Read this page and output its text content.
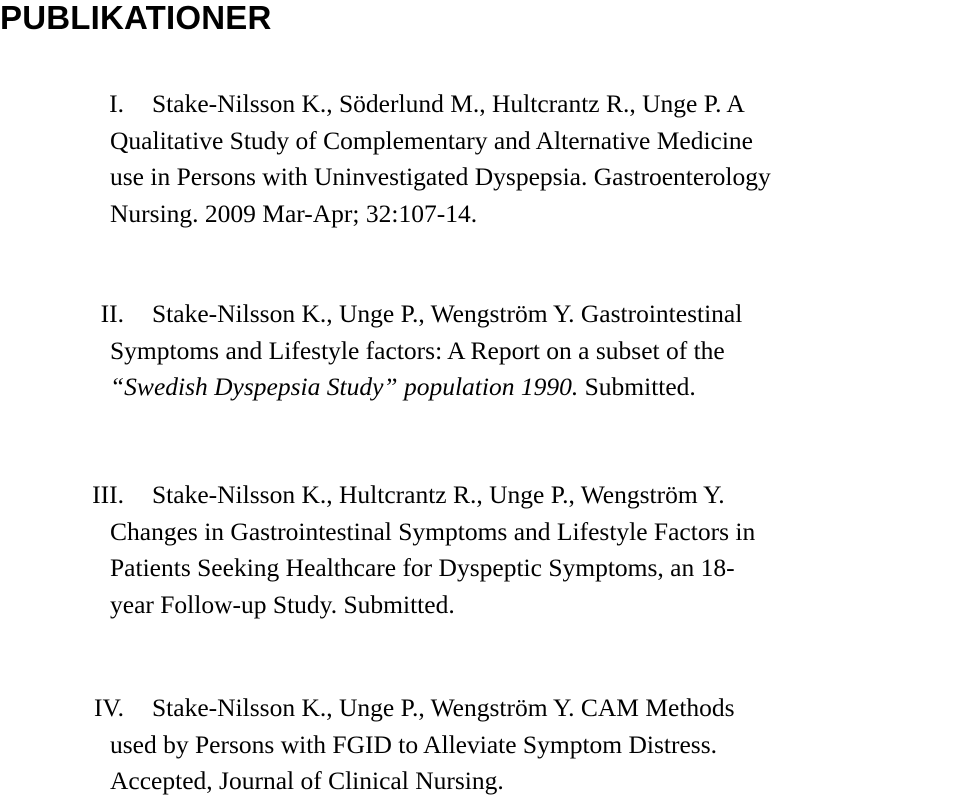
PUBLIKATIONER
I. Stake-Nilsson K., Söderlund M., Hultcrantz R., Unge P. A
Qualitative Study of Complementary and Alternative Medicine
use in Persons with Uninvestigated Dyspepsia. Gastroenterology
Nursing. 2009 Mar-Apr; 32:107-14.
II. Stake-Nilsson K., Unge P., Wengström Y. Gastrointestinal
Symptoms and Lifestyle factors: A Report on a subset of the
“Swedish Dyspepsia Study” population 1990. Submitted.
III. Stake-Nilsson K., Hultcrantz R., Unge P., Wengström Y.
Changes in Gastrointestinal Symptoms and Lifestyle Factors in
Patients Seeking Healthcare for Dyspeptic Symptoms, an 18-
year Follow-up Study. Submitted.
IV. Stake-Nilsson K., Unge P., Wengström Y. CAM Methods
used by Persons with FGID to Alleviate Symptom Distress.
Accepted, Journal of Clinical Nursing.
